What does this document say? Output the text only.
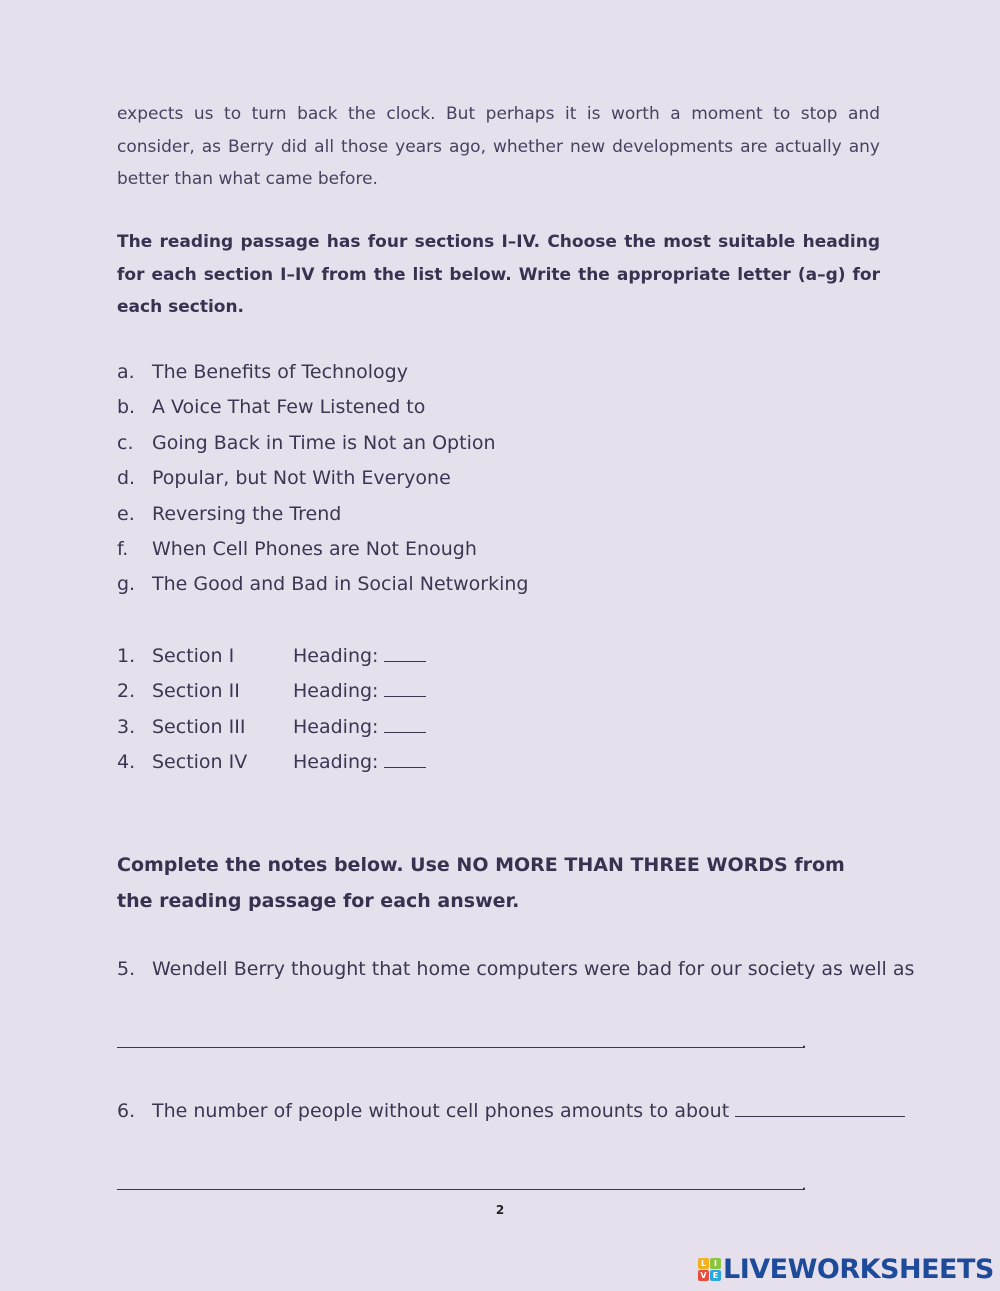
expects us to turn back the clock. But perhaps it is worth a moment to stop and consider, as Berry did all those years ago, whether new developments are actually any better than what came before.

The reading passage has four sections I–IV. Choose the most suitable heading for each section I–IV from the list below. Write the appropriate letter (a–g) for each section.

a. The Benefits of Technology
b. A Voice That Few Listened to
c. Going Back in Time is Not an Option
d. Popular, but Not With Everyone
e. Reversing the Trend
f. When Cell Phones are Not Enough
g. The Good and Bad in Social Networking
1. Section I	Heading:
2. Section II	Heading:
3. Section III	Heading:
4. Section IV Heading:

Complete the notes below. Use NO MORE THAN THREE WORDS from the reading passage for each answer.

5. Wendell Berry thought that home computers were bad for our society as well as
.
6. The number of people without cell phones amounts to about
.
2
L I
V E LIVEWORKSHEETS
